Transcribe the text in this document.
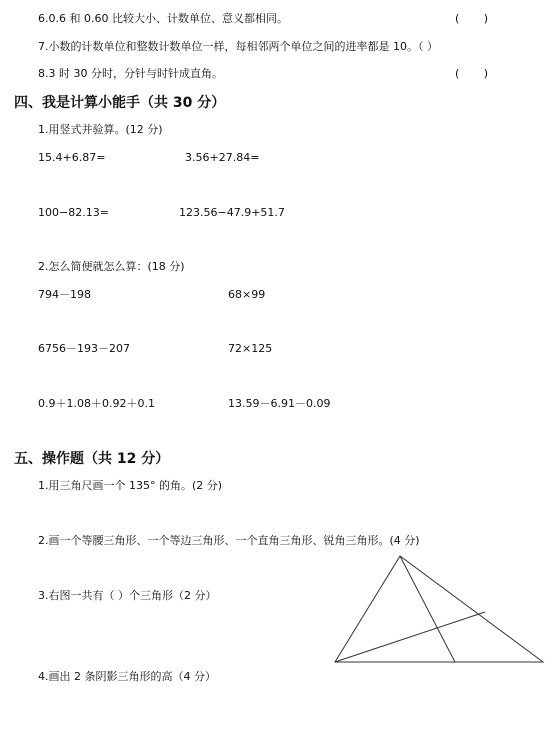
6.0.6 和 0.60 比较大小、计数单位、意义都相同。	(       )
7.小数的计数单位和整数计数单位一样，每相邻两个单位之间的进率都是 10。（ ）
8.3 时 30 分时，分针与时针成直角。	(       )
四、我是计算小能手（共 30 分）
1.用竖式并验算。(12 分)
15.4+6.87=	3.56+27.84=
100−82.13=	123.56−47.9+51.7
2.怎么简便就怎么算：(18 分)
794－198	68×99
6756－193－207	72×125
0.9＋1.08＋0.92＋0.1	13.59－6.91－0.09
五、操作题（共 12 分）
1.用三角尺画一个 135° 的角。(2 分)
2.画一个等腰三角形、一个等边三角形、一个直角三角形、锐角三角形。(4 分)
3.右图一共有（ ）个三角形（2 分）
4.画出 2 条阴影三角形的高（4 分）
